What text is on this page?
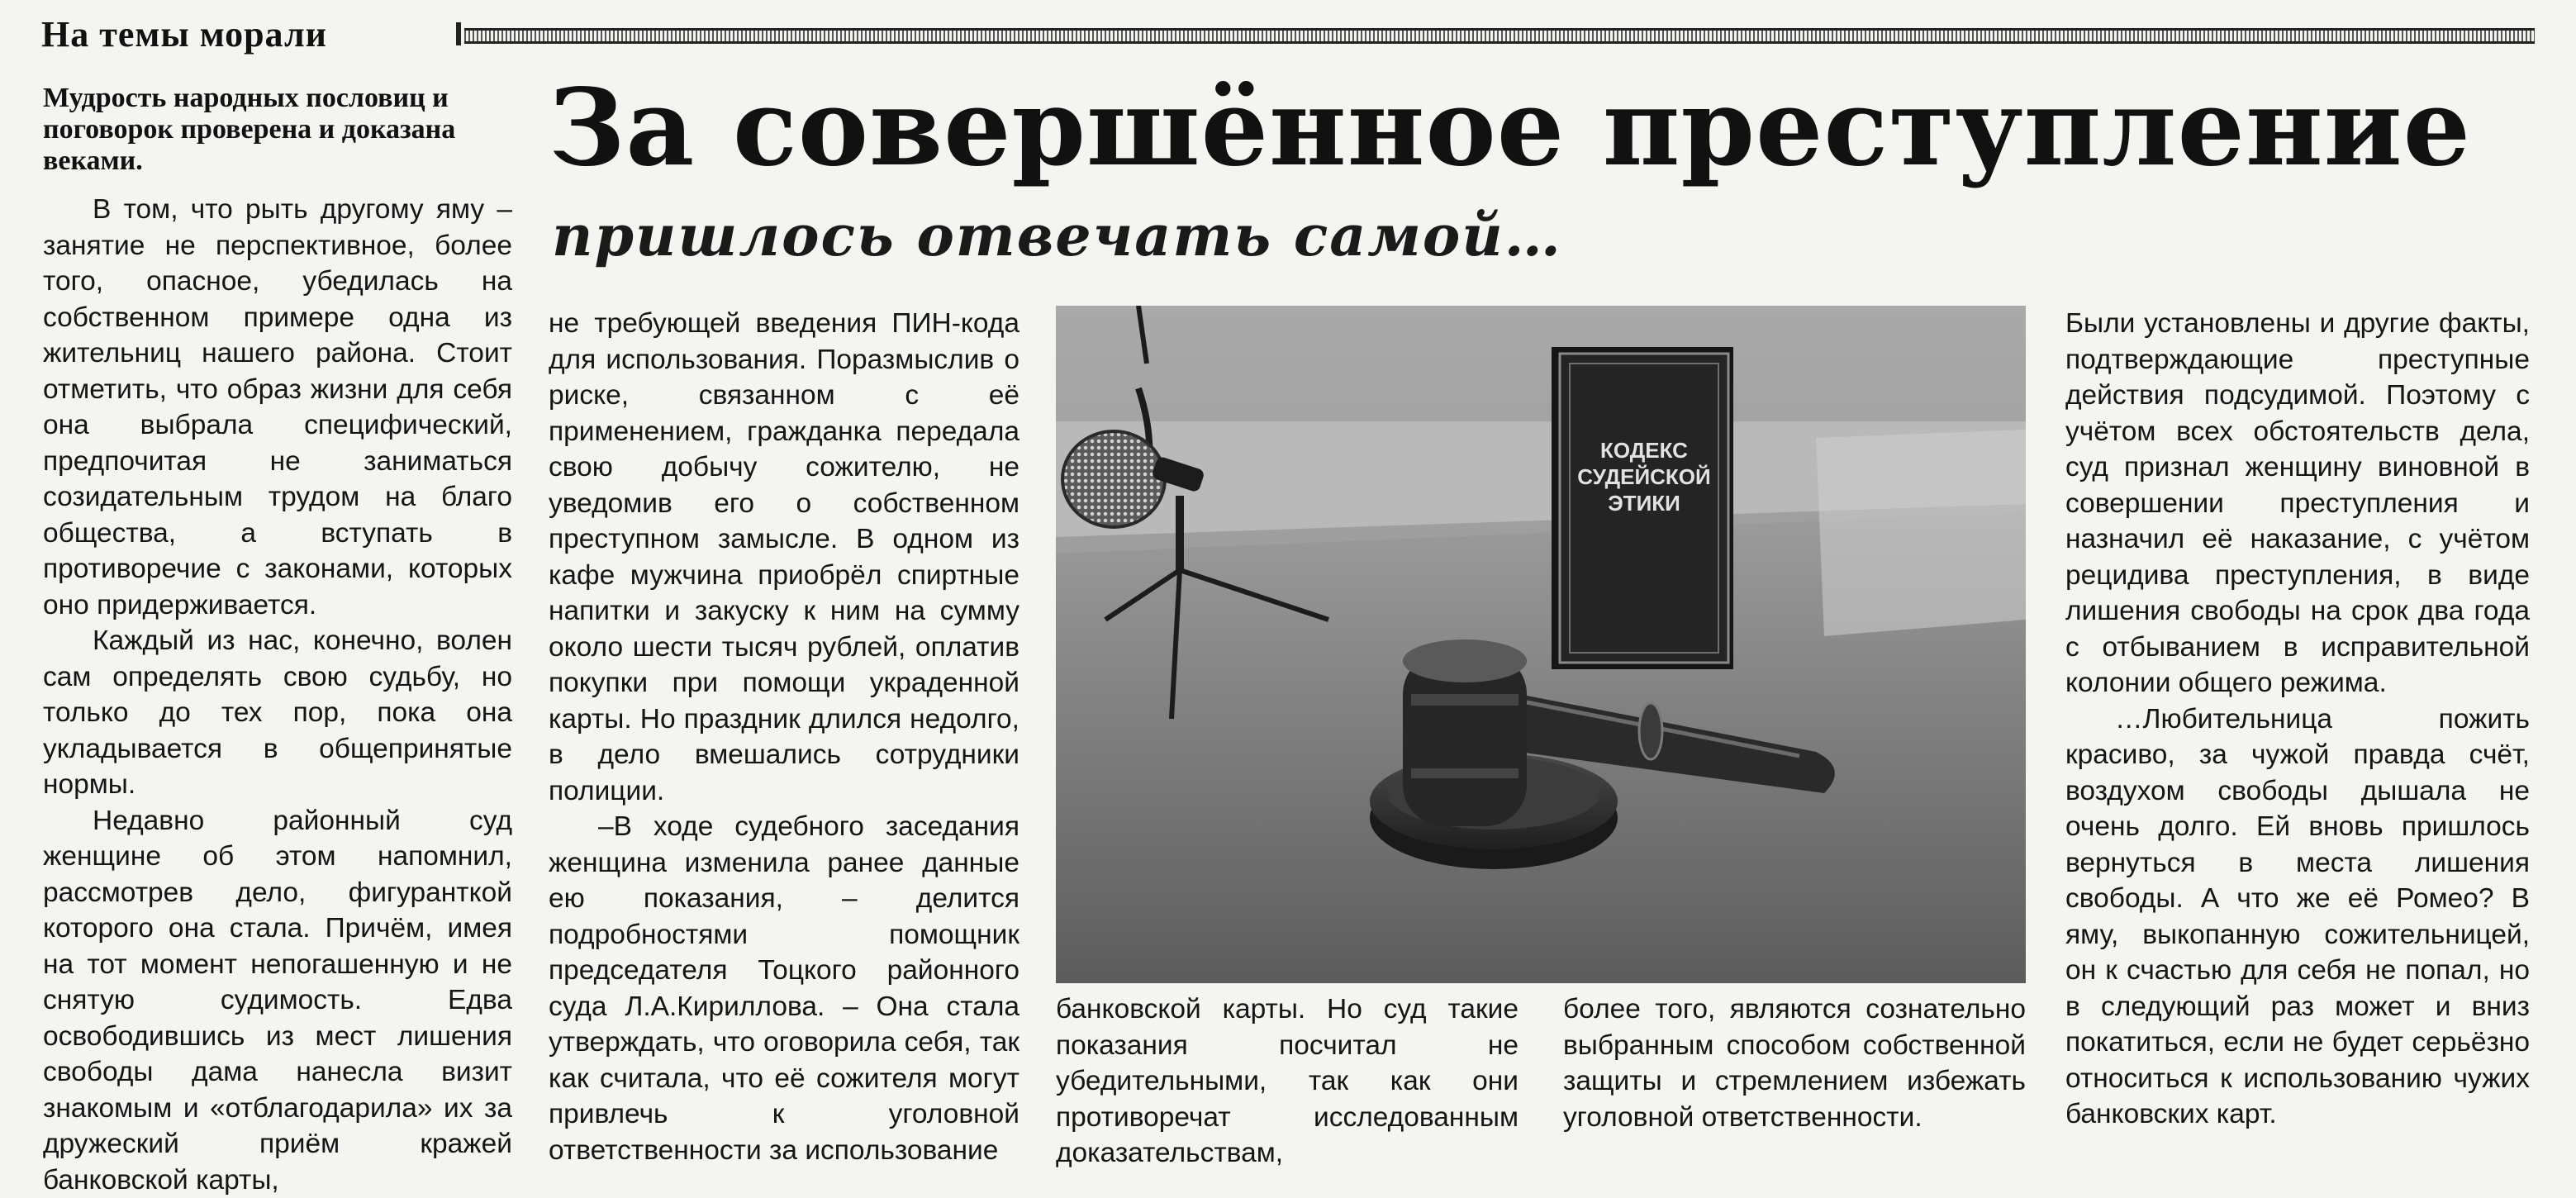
На темы морали
За совершённое преступление
пришлось отвечать самой…

Мудрость народных пословиц и поговорок проверена и доказана веками.

В том, что рыть другому яму – занятие не перспективное, более того, опасное, убедилась на собственном примере одна из жительниц нашего района. Стоит отметить, что образ жизни для себя она выбрала специфический, предпочитая не заниматься созидательным трудом на благо общества, а вступать в противоречие с законами, которых оно придерживается.

Каждый из нас, конечно, волен сам определять свою судьбу, но только до тех пор, пока она укладывается в общепринятые нормы.

Недавно районный суд женщине об этом напомнил, рассмотрев дело, фигуранткой которого она стала. Причём, имея на тот момент непогашенную и не снятую судимость. Едва освободившись из мест лишения свободы дама нанесла визит знакомым и «отблагодарила» их за дружеский приём кражей банковской карты,

не требующей введения ПИН-кода для использования. Поразмыслив о риске, связанном с её применением, гражданка передала свою добычу сожителю, не уведомив его о собственном преступном замысле. В одном из кафе мужчина приобрёл спиртные напитки и закуску к ним на сумму около шести тысяч рублей, оплатив покупки при помощи украденной карты. Но праздник длился недолго, в дело вмешались сотрудники полиции.

–В ходе судебного заседания женщина изменила ранее данные ею показания, – делится подробностями помощник председателя Тоцкого районного суда Л.А.Кириллова. – Она стала утверждать, что оговорила себя, так как считала, что её сожителя могут привлечь к уголовной ответственности за использование

КОДЕКС
СУДЕЙСКОЙ
ЭТИКИ

банковской карты. Но суд такие показания посчитал не убедительными, так как они противоречат исследованным доказательствам,

более того, являются сознательно выбранным способом собственной защиты и стремлением избежать уголовной ответственности.

Были установлены и другие факты, подтверждающие преступные действия подсудимой. Поэтому с учётом всех обстоятельств дела, суд признал женщину виновной в совершении преступления и назначил её наказание, с учётом рецидива преступления, в виде лишения свободы на срок два года с отбыванием в исправительной колонии общего режима.

…Любительница пожить красиво, за чужой правда счёт, воздухом свободы дышала не очень долго. Ей вновь пришлось вернуться в места лишения свободы. А что же её Ромео? В яму, выкопанную сожительницей, он к счастью для себя не попал, но в следующий раз может и вниз покатиться, если не будет серьёзно относиться к использованию чужих банковских карт.
